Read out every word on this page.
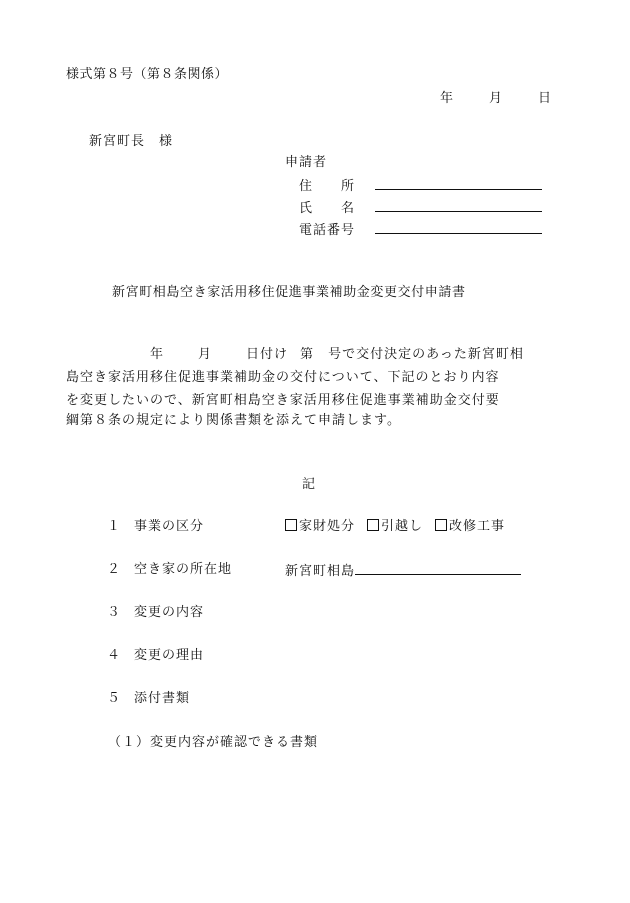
様式第８号（第８条関係）
年	月	日
新宮町長　様
申請者
住　　所
氏　　名
電話番号
新宮町相島空き家活用移住促進事業補助金変更交付申請書
年	月	日付け 第 号で交付決定のあった新宮町相
島空き家活用移住促進事業補助金の交付について、下記のとおり内容
を変更したいので、新宮町相島空き家活用移住促進事業補助金交付要
綱第８条の規定により関係書類を添えて申請します。
記
１ 事業の区分	家財処分 引越し 改修工事
２ 空き家の所在地	新宮町相島
３ 変更の内容
４ 変更の理由
５ 添付書類
（１）変更内容が確認できる書類
